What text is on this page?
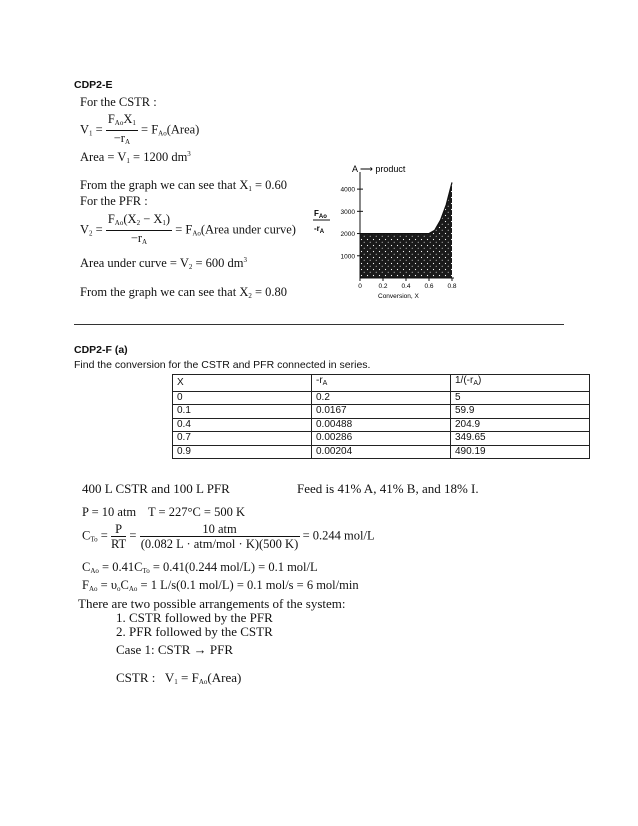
CDP2-E
For the CSTR :
$V_1 = \frac{F_{Ao}X_1}{-r_A}$ = $F_{Ao}(Area)$
Area = $V_1 = 1200$ $dm^3$
From the graph we can see that $X_1 = 0.60$
For the PFR :
$V_2 = \frac{F_{Ao}(X_2 - X_1)}{-r_A}$ = $F_{Ao}(Area$ under curve)
Area under curve = $V_2 = 600$ $dm^3$
From the graph we can see that $X_2 = 0.80$
A ⟶ product
$F_{Ao}$
$-r_A$
1000
2000
3000
4000
0	0.2 0.4 0.6 0.8
Conversion, X
CDP2-F (a)
Find the conversion for the CSTR and PFR connected in series.
X	$-r_A$	$1/(-r_A)$
0	0.2	5
0.1	0.0167	59.9
0.4	0.00488	204.9
0.7	0.00286	349.65
0.9	0.00204	490.19
400 L CSTR and 100 L PFR	Feed is 41% A, 41% B, and 18% I.
P = 10 atm T = 227°C = 500 K
$C_{To} = \frac{P}{RT} = \frac{\text{10 atm}}{\text{(0.082 L · atm/mol · K)(500 K)}} = 0.244$ mol/L
$C_{Ao} = 0.41C_{To} = 0.41(0.244$ mol/L) = 0.1 mol/L
$F_{Ao} = \upsilon_oC_{Ao} = 1$ L/s(0.1 mol/L) = 0.1 mol/s = 6 mol/min
There are two possible arrangements of the system:
1. CSTR followed by the PFR
2. PFR followed by the CSTR
Case 1: CSTR → PFR
CSTR : $V_1$ = $F_{Ao}(Area)$
